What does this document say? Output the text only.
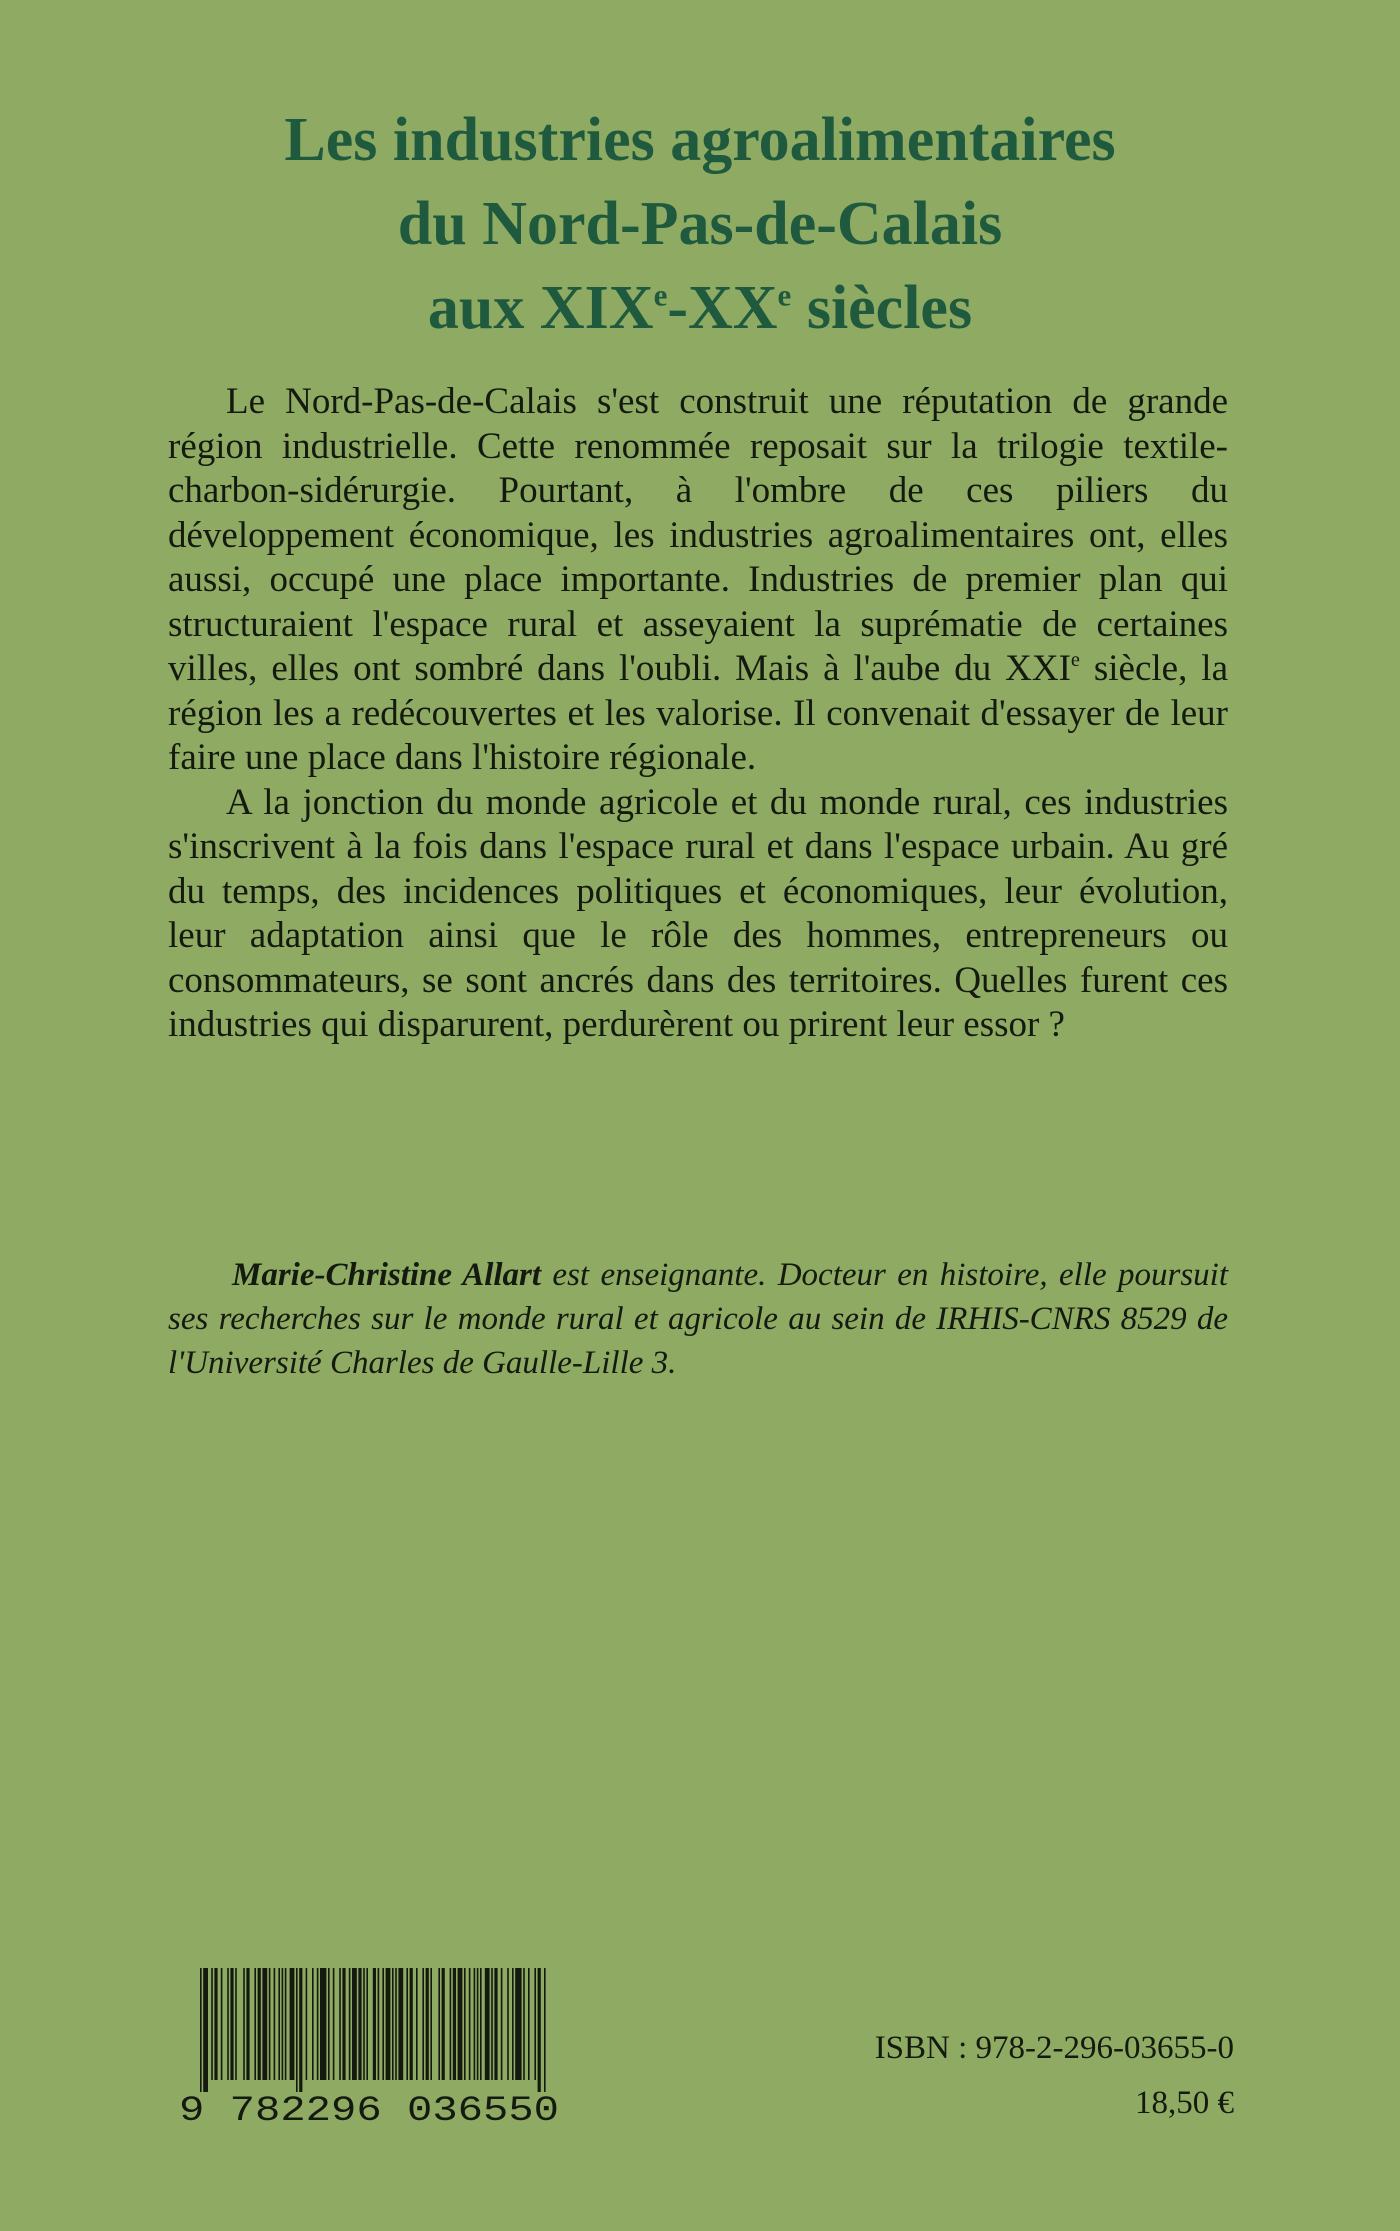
Les industries agroalimentaires
du Nord-Pas-de-Calais
aux XIXe-XXe siècles

Le Nord-Pas-de-Calais s'est construit une réputation de grande région industrielle. Cette renommée reposait sur la trilogie textile-charbon-sidérurgie. Pourtant, à l'ombre de ces piliers du développement économique, les industries agroalimentaires ont, elles aussi, occupé une place importante. Industries de premier plan qui structuraient l'espace rural et asseyaient la suprématie de certaines villes, elles ont sombré dans l'oubli. Mais à l'aube du XXIe siècle, la région les a redécouvertes et les valorise. Il convenait d'essayer de leur faire une place dans l'histoire régionale.

A la jonction du monde agricole et du monde rural, ces industries s'inscrivent à la fois dans l'espace rural et dans l'espace urbain. Au gré du temps, des incidences politiques et économiques, leur évolution, leur adaptation ainsi que le rôle des hommes, entrepreneurs ou consommateurs, se sont ancrés dans des territoires. Quelles furent ces industries qui disparurent, perdurèrent ou prirent leur essor ?

Marie-Christine Allart est enseignante. Docteur en histoire, elle poursuit ses recherches sur le monde rural et agricole au sein de IRHIS-CNRS 8529 de l'Université Charles de Gaulle-Lille 3.

9 782296 036550
ISBN : 978-2-296-03655-0
18,50 €
